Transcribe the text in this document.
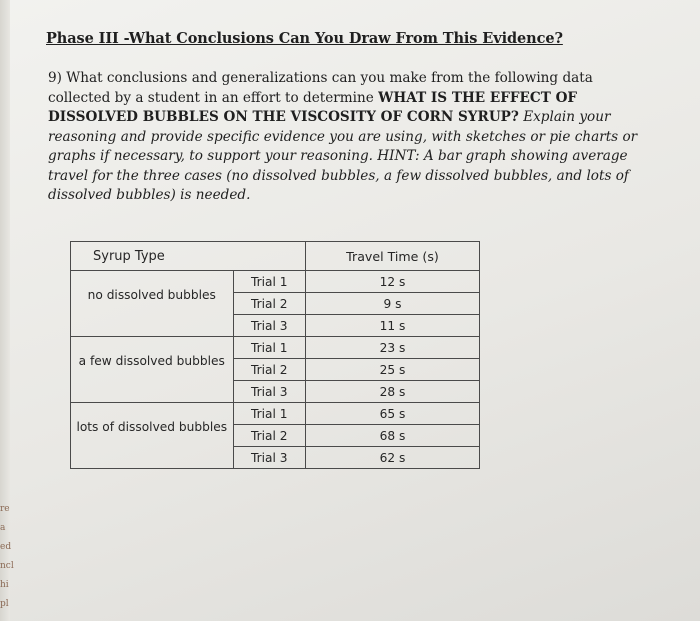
re
a
ed
ncl
hi
pl
Phase III -What Conclusions Can You Draw From This Evidence?

9) What conclusions and generalizations can you make from the following data collected by a student in an effort to determine WHAT IS THE EFFECT OF DISSOLVED BUBBLES ON THE VISCOSITY OF CORN SYRUP? Explain your reasoning and provide specific evidence you are using, with sketches or pie charts or graphs if necessary, to support your reasoning. HINT: A bar graph showing average travel for the three cases (no dissolved bubbles, a few dissolved bubbles, and lots of dissolved bubbles) is needed.

Syrup Type		Travel Time (s)
no dissolved bubbles	Trial 1	12 s
	Trial 2	9 s
	Trial 3	11 s
a few dissolved bubbles	Trial 1	23 s
	Trial 2	25 s
	Trial 3	28 s
lots of dissolved bubbles	Trial 1	65 s
	Trial 2	68 s
	Trial 3	62 s
